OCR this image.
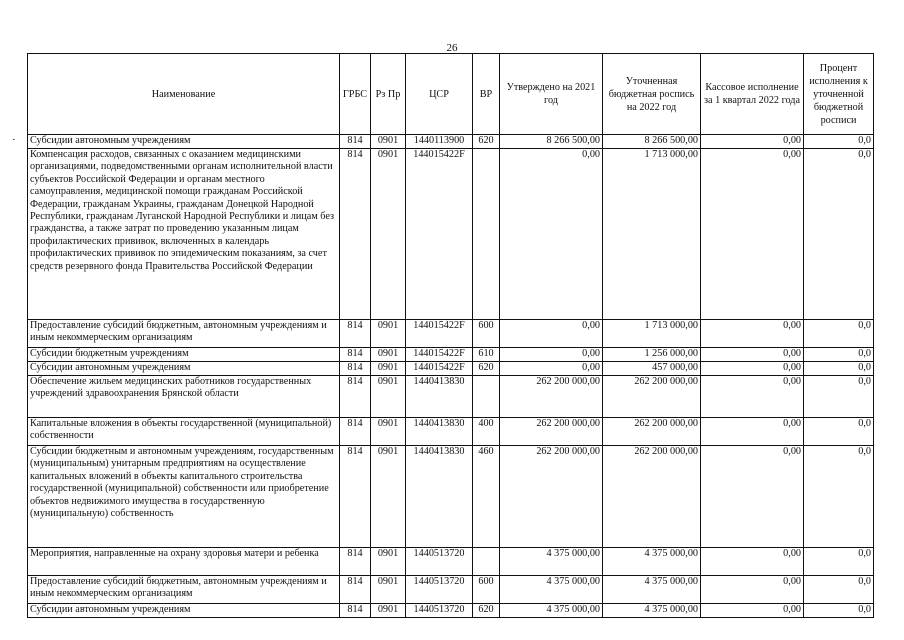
26
·
Наименование	ГРБС	Рз Пр	ЦСР	ВР	Утверждено на 2021 год	Уточненная бюджетная роспись на 2022 год	Кассовое исполнение за 1 квартал 2022 года	Процент исполнения к уточненной бюджетной росписи
Субсидии автономным учреждениям	814	0901	1440113900	620	8 266 500,00	8 266 500,00	0,00	0,0
Компенсация расходов, связанных с оказанием медицинскими организациями, подведомственными органам исполнительной власти субъектов Российской Федерации и органам местного самоуправления, медицинской помощи гражданам Российской Федерации, гражданам Украины, гражданам Донецкой Народной Республики, гражданам Луганской Народной Республики и лицам без гражданства, а также затрат по проведению указанным лицам профилактических прививок, включенных в календарь профилактических прививок по эпидемическим показаниям, за счет средств резервного фонда Правительства Российской Федерации	814	0901	144015422F		0,00	1 713 000,00	0,00	0,0
Предоставление субсидий бюджетным, автономным учреждениям и иным некоммерческим организациям	814	0901	144015422F	600	0,00	1 713 000,00	0,00	0,0
Субсидии бюджетным учреждениям	814	0901	144015422F	610	0,00	1 256 000,00	0,00	0,0
Субсидии автономным учреждениям	814	0901	144015422F	620	0,00	457 000,00	0,00	0,0
Обеспечение жильем медицинских работников государственных учреждений здравоохранения Брянской области	814	0901	1440413830		262 200 000,00	262 200 000,00	0,00	0,0
Капитальные вложения в объекты государственной (муниципальной) собственности	814	0901	1440413830	400	262 200 000,00	262 200 000,00	0,00	0,0
Субсидии бюджетным и автономным учреждениям, государственным (муниципальным) унитарным предприятиям на осуществление капитальных вложений в объекты капитального строительства государственной (муниципальной) собственности или приобретение объектов недвижимого имущества в государственную (муниципальную) собственность	814	0901	1440413830	460	262 200 000,00	262 200 000,00	0,00	0,0
Мероприятия, направленные на охрану здоровья матери и ребенка	814	0901	1440513720		4 375 000,00	4 375 000,00	0,00	0,0
Предоставление субсидий бюджетным, автономным учреждениям и иным некоммерческим организациям	814	0901	1440513720	600	4 375 000,00	4 375 000,00	0,00	0,0
Субсидии автономным учреждениям	814	0901	1440513720	620	4 375 000,00	4 375 000,00	0,00	0,0
